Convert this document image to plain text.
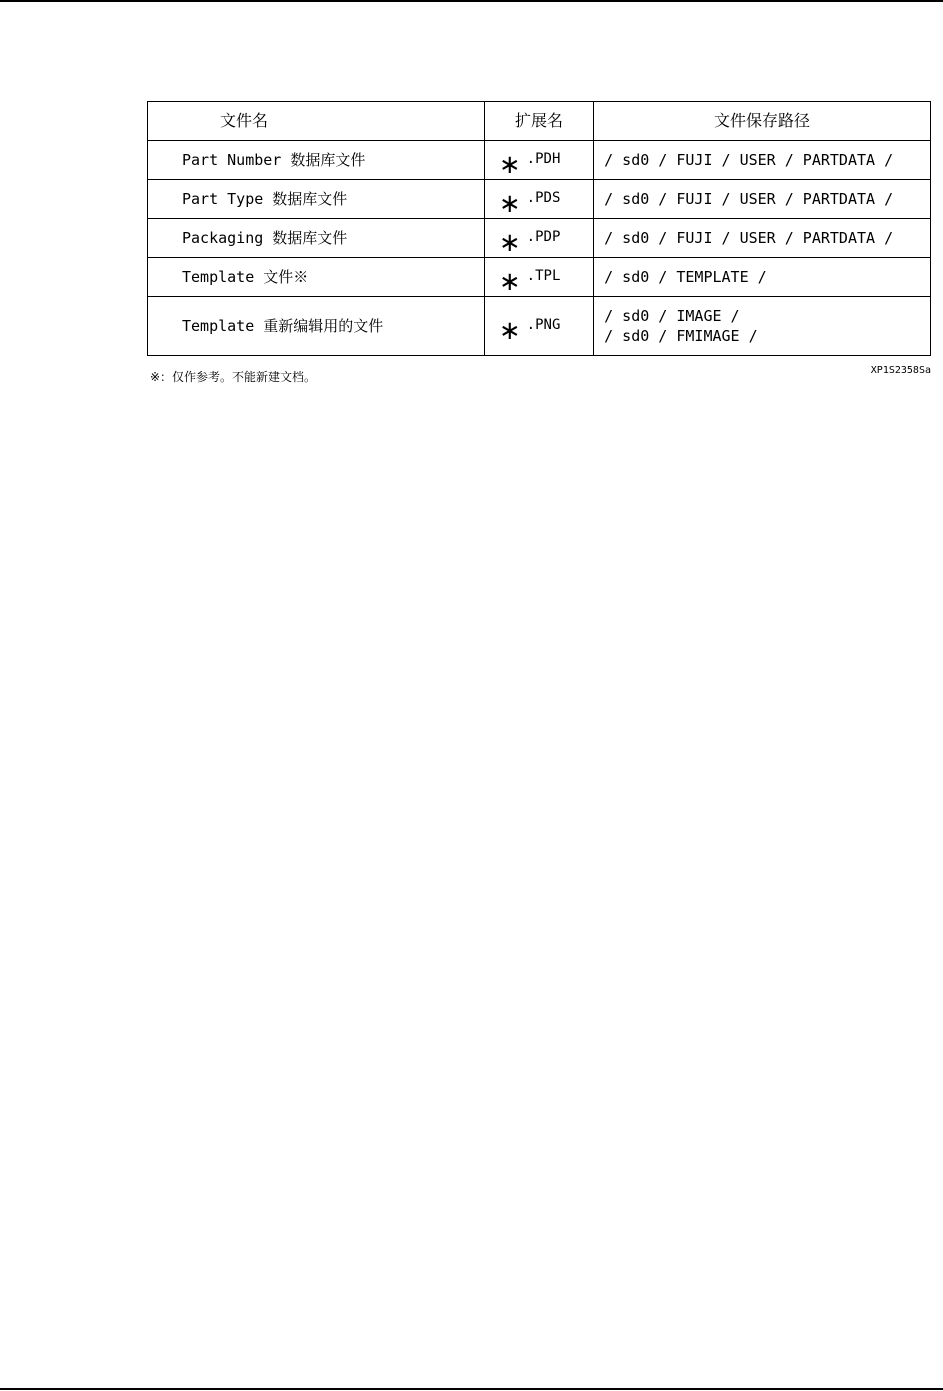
文件名	扩展名	文件保存路径
Part Number 数据库文件	∗ .PDH	/ sd0 / FUJI / USER / PARTDATA /
Part Type 数据库文件	∗ .PDS	/ sd0 / FUJI / USER / PARTDATA /
Packaging 数据库文件	∗ .PDP	/ sd0 / FUJI / USER / PARTDATA /
Template 文件※	∗ .TPL	/ sd0 / TEMPLATE /
Template 重新编辑用的文件	∗ .PNG	/ sd0 / IMAGE /
/ sd0 / FMIMAGE /
※：仅作参考。不能新建文档。	XP1S2358Sa
